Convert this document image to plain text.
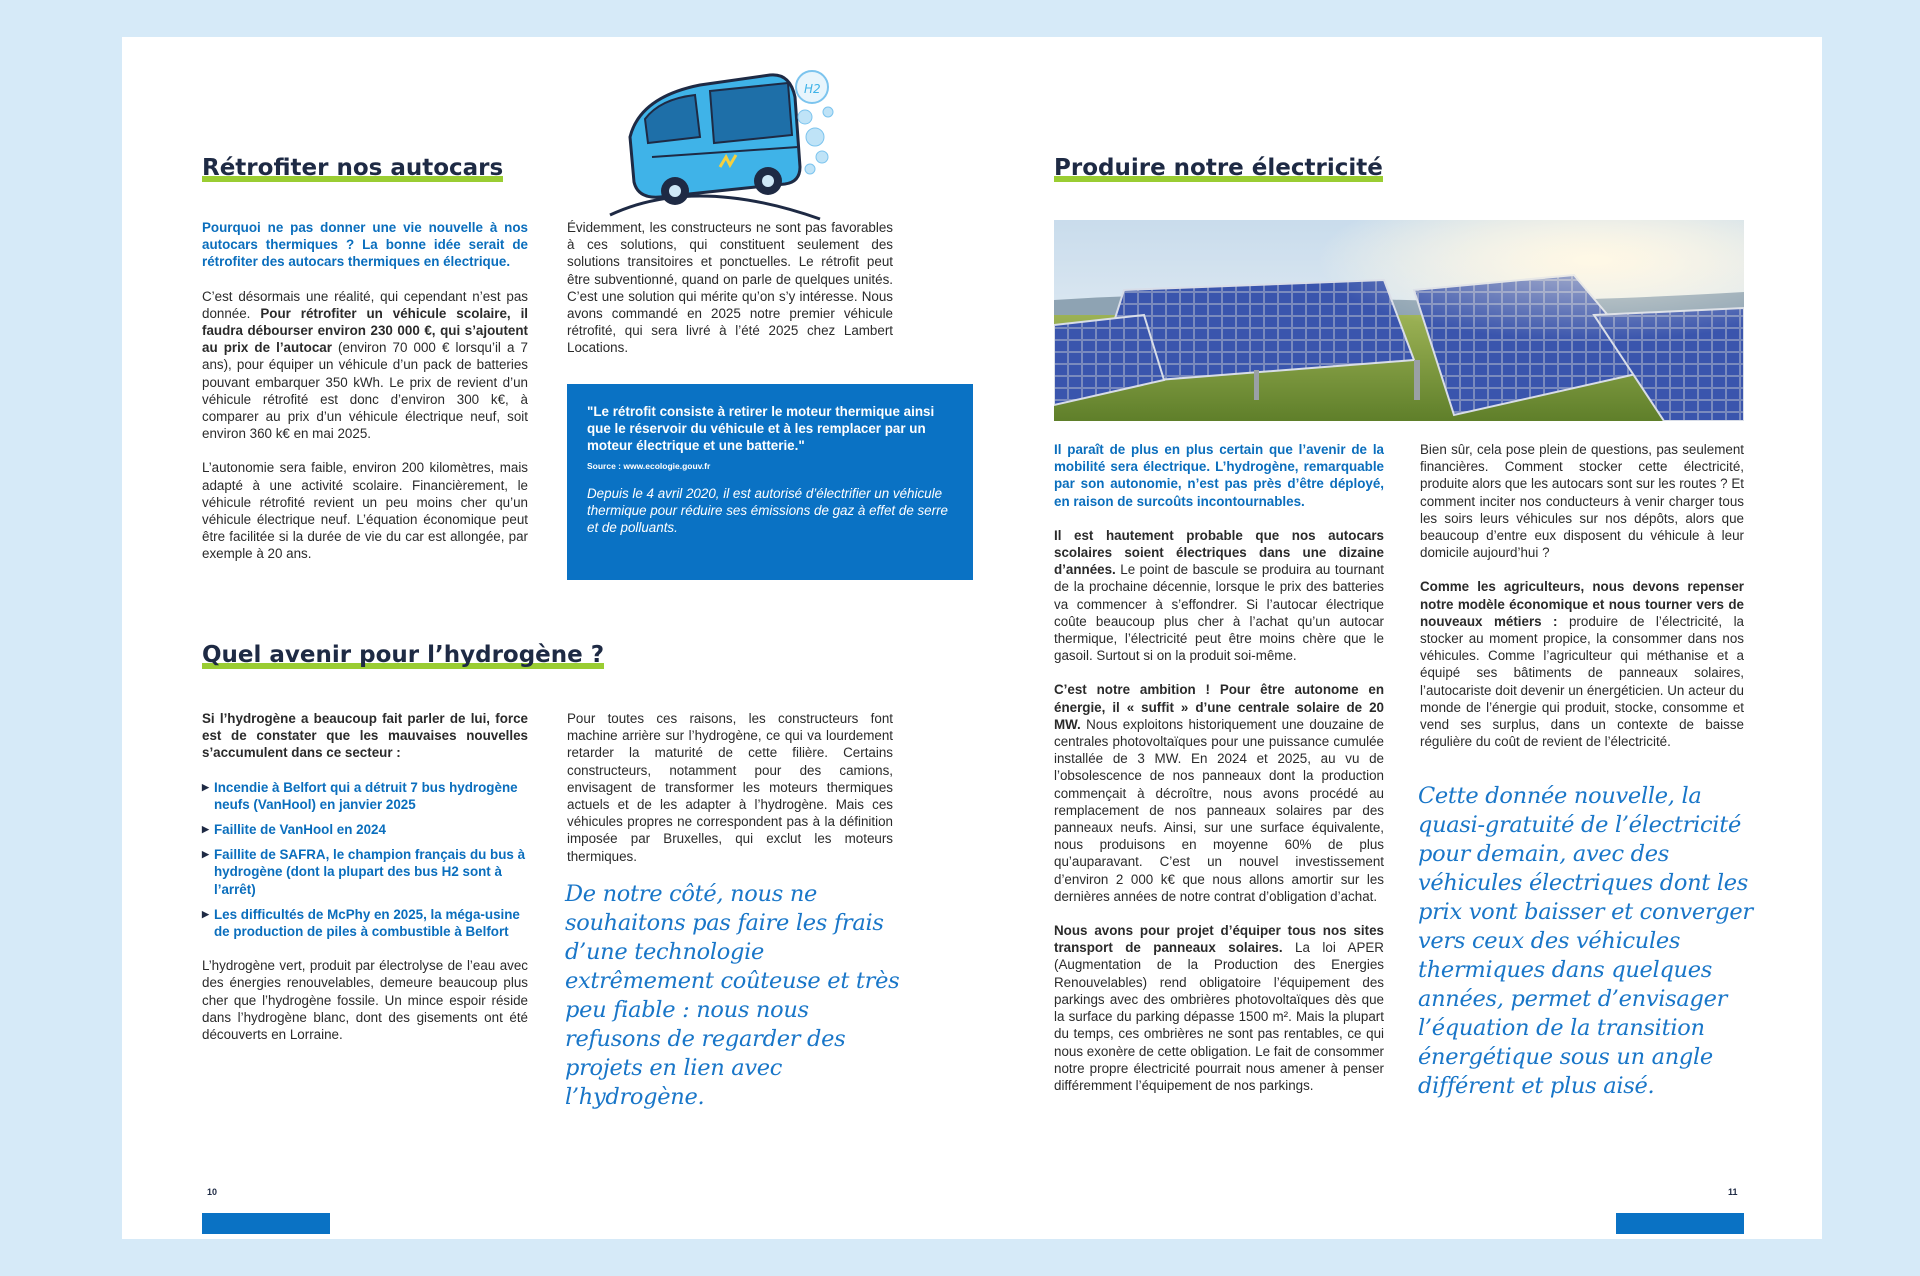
H2
Rétrofiter nos autocars

Pourquoi ne pas donner une vie nouvelle à nos autocars thermiques ? La bonne idée serait de rétrofiter des autocars thermiques en électrique.

C’est désormais une réalité, qui cependant n’est pas donnée. Pour rétrofiter un véhicule scolaire, il faudra débourser environ 230 000 €, qui s’ajoutent au prix de l’autocar (environ 70 000 € lorsqu’il a 7 ans), pour équiper un véhicule d’un pack de batteries pouvant embarquer 350 kWh. Le prix de revient d’un véhicule rétrofité est donc d’environ 300 k€, à comparer au prix d’un véhicule électrique neuf, soit environ 360 k€ en mai 2025.

L’autonomie sera faible, environ 200 kilomètres, mais adapté à une activité scolaire. Financièrement, le véhicule rétrofité revient un peu moins cher qu’un véhicule électrique neuf. L’équation économique peut être facilitée si la durée de vie du car est allongée, par exemple à 20 ans.

Évidemment, les constructeurs ne sont pas favorables à ces solutions, qui constituent seulement des solutions transitoires et ponctuelles. Le rétrofit peut être subventionné, quand on parle de quelques unités. C’est une solution qui mérite qu’on s’y intéresse. Nous avons commandé en 2025 notre premier véhicule rétrofité, qui sera livré à l’été 2025 chez Lambert Locations.

"Le rétrofit consiste à retirer le moteur thermique ainsi que le réservoir du véhicule et à les remplacer par un moteur électrique et une batterie."

Source : www.ecologie.gouv.fr

Depuis le 4 avril 2020, il est autorisé d’électrifier un véhicule thermique pour réduire ses émissions de gaz à effet de serre et de polluants.

Quel avenir pour l’hydrogène ?

Si l’hydrogène a beaucoup fait parler de lui, force est de constater que les mauvaises nouvelles s’accumulent dans ce secteur :

▶ Incendie à Belfort qui a détruit 7 bus hydrogène neufs (VanHool) en janvier 2025
▶ Faillite de VanHool en 2024
▶ Faillite de SAFRA, le champion français du bus à hydrogène (dont la plupart des bus H2 sont à l’arrêt)
▶ Les difficultés de McPhy en 2025, la méga-usine de production de piles à combustible à Belfort

L’hydrogène vert, produit par électrolyse de l’eau avec des énergies renouvelables, demeure beaucoup plus cher que l’hydrogène fossile. Un mince espoir réside dans l’hydrogène blanc, dont des gisements ont été découverts en Lorraine.

Pour toutes ces raisons, les constructeurs font machine arrière sur l’hydrogène, ce qui va lourdement retarder la maturité de cette filière. Certains constructeurs, notamment pour des camions, envisagent de transformer les moteurs thermiques actuels et de les adapter à l’hydrogène. Mais ces véhicules propres ne correspondent pas à la définition imposée par Bruxelles, qui exclut les moteurs thermiques.

De notre côté, nous ne souhaitons pas faire les frais d’une technologie extrêmement coûteuse et très peu fiable : nous nous refusons de regarder des projets en lien avec l’hydrogène.

10
Produire notre électricité

Il paraît de plus en plus certain que l’avenir de la mobilité sera électrique. L’hydrogène, remarquable par son autonomie, n’est pas près d’être déployé, en raison de surcoûts incontournables.

Il est hautement probable que nos autocars scolaires soient électriques dans une dizaine d’années. Le point de bascule se produira au tournant de la prochaine décennie, lorsque le prix des batteries va commencer à s’effondrer. Si l’autocar électrique coûte beaucoup plus cher à l’achat qu’un autocar thermique, l’électricité peut être moins chère que le gasoil. Surtout si on la produit soi-même.

C’est notre ambition ! Pour être autonome en énergie, il « suffit » d’une centrale solaire de 20 MW. Nous exploitons historiquement une douzaine de centrales photovoltaïques pour une puissance cumulée installée de 3 MW. En 2024 et 2025, au vu de l’obsolescence de nos panneaux dont la production commençait à décroître, nous avons procédé au remplacement de nos panneaux solaires par des panneaux neufs. Ainsi, sur une surface équivalente, nous produisons en moyenne 60% de plus qu’auparavant. C’est un nouvel investissement d’environ 2 000 k€ que nous allons amortir sur les dernières années de notre contrat d’obligation d’achat.

Nous avons pour projet d’équiper tous nos sites transport de panneaux solaires. La loi APER (Augmentation de la Production des Energies Renouvelables) rend obligatoire l’équipement des parkings avec des ombrières photovoltaïques dès que la surface du parking dépasse 1500 m². Mais la plupart du temps, ces ombrières ne sont pas rentables, ce qui nous exonère de cette obligation. Le fait de consommer notre propre électricité pourrait nous amener à penser différemment l’équipement de nos parkings.

Bien sûr, cela pose plein de questions, pas seulement financières. Comment stocker cette électricité, produite alors que les autocars sont sur les routes ? Et comment inciter nos conducteurs à venir charger tous les soirs leurs véhicules sur nos dépôts, alors que beaucoup d’entre eux disposent du véhicule à leur domicile aujourd’hui ?

Comme les agriculteurs, nous devons repenser notre modèle économique et nous tourner vers de nouveaux métiers : produire de l’électricité, la stocker au moment propice, la consommer dans nos véhicules. Comme l’agriculteur qui méthanise et a équipé ses bâtiments de panneaux solaires, l’autocariste doit devenir un énergéticien. Un acteur du monde de l’énergie qui produit, stocke, consomme et vend ses surplus, dans un contexte de baisse régulière du coût de revient de l’électricité.

Cette donnée nouvelle, la quasi-gratuité de l’électricité pour demain, avec des véhicules électriques dont les prix vont baisser et converger vers ceux des véhicules thermiques dans quelques années, permet d’envisager l’équation de la transition énergétique sous un angle différent et plus aisé.

11
